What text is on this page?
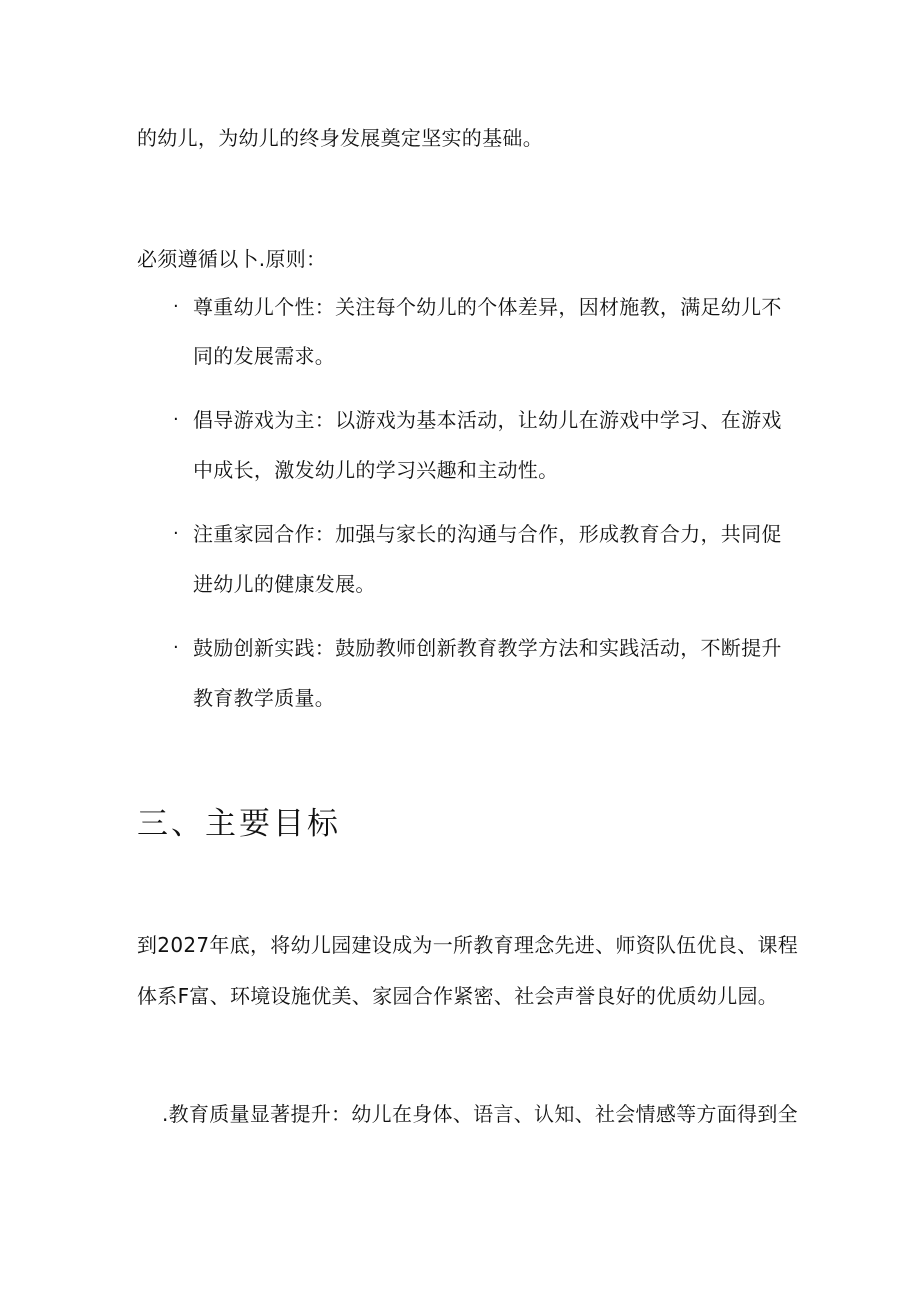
的幼儿，为幼儿的终身发展奠定坚实的基础。
必须遵循以卜.原则：
· 尊重幼儿个性：关注每个幼儿的个体差异，因材施教，满足幼儿不
同的发展需求。
· 倡导游戏为主：以游戏为基本活动，让幼儿在游戏中学习、在游戏
中成长，激发幼儿的学习兴趣和主动性。
· 注重家园合作：加强与家长的沟通与合作，形成教育合力，共同促
进幼儿的健康发展。
· 鼓励创新实践：鼓励教师创新教育教学方法和实践活动，不断提升
教育教学质量。
三、主要目标
到2027年底，将幼儿园建设成为一所教育理念先进、师资队伍优良、课程
体系F富、环境设施优美、家园合作紧密、社会声誉良好的优质幼儿园。
.教育质量显著提升：幼儿在身体、语言、认知、社会情感等方面得到全
